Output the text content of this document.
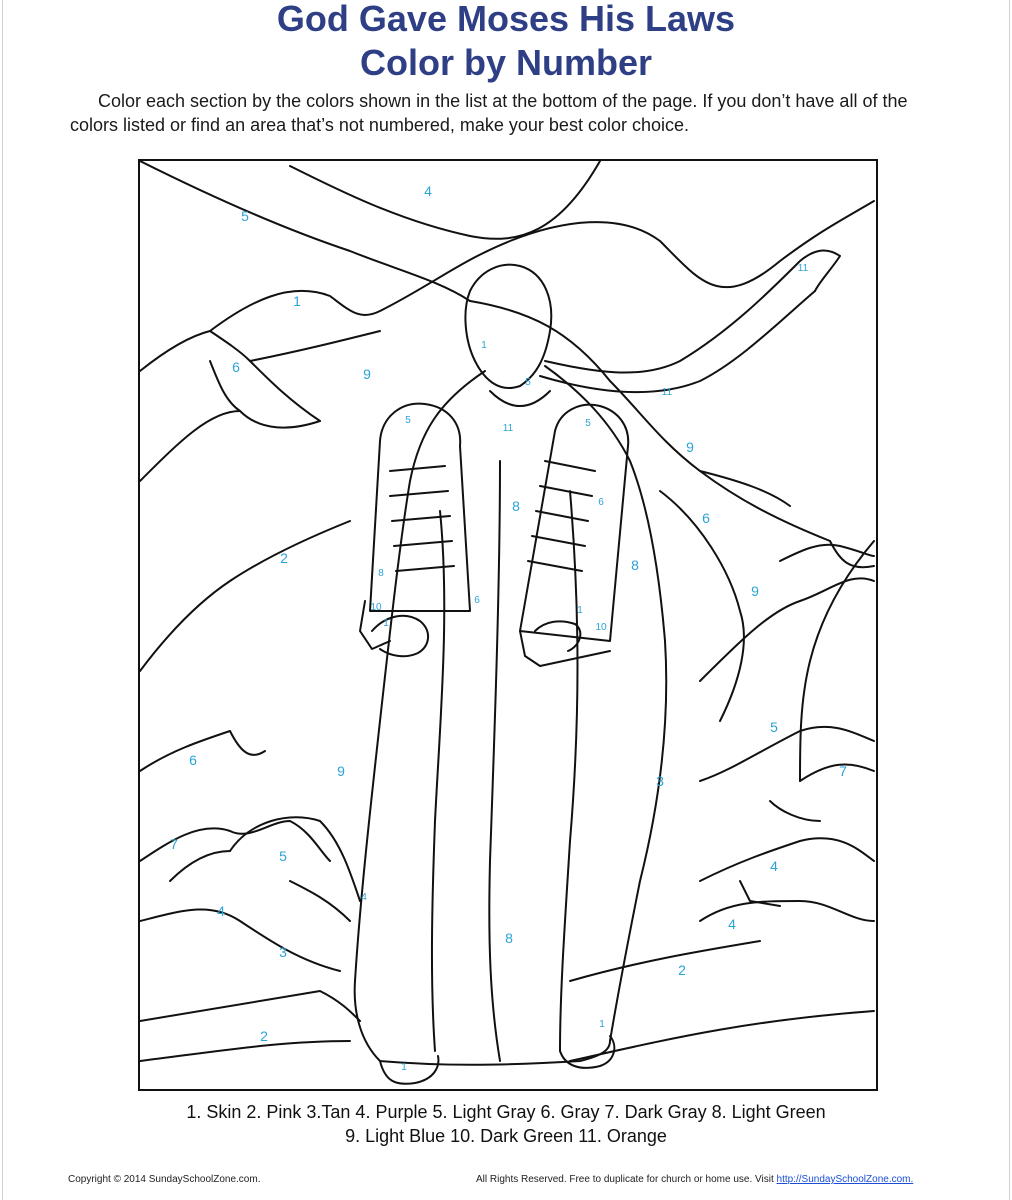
God Gave Moses His Laws
Color by Number

Color each section by the colors shown in the list at the bottom of the page. If you don’t have all of the colors listed or find an area that’s not numbered, make your best color choice.

4
5
11
1
6	9
1
5
11
5
11	5
9
8	6
6
2	8
9
8
10
6
1	10
1
5
6
9	7
3
7
5
4
4
4
4
8
3
2
2
1
1

1. Skin 2. Pink 3.Tan 4. Purple 5. Light Gray 6. Gray 7. Dark Gray 8. Light Green

9. Light Blue 10. Dark Green 11. Orange

Copyright © 2014 SundaySchoolZone.com.	All Rights Reserved. Free to duplicate for church or home use. Visit http://SundaySchoolZone.com.
